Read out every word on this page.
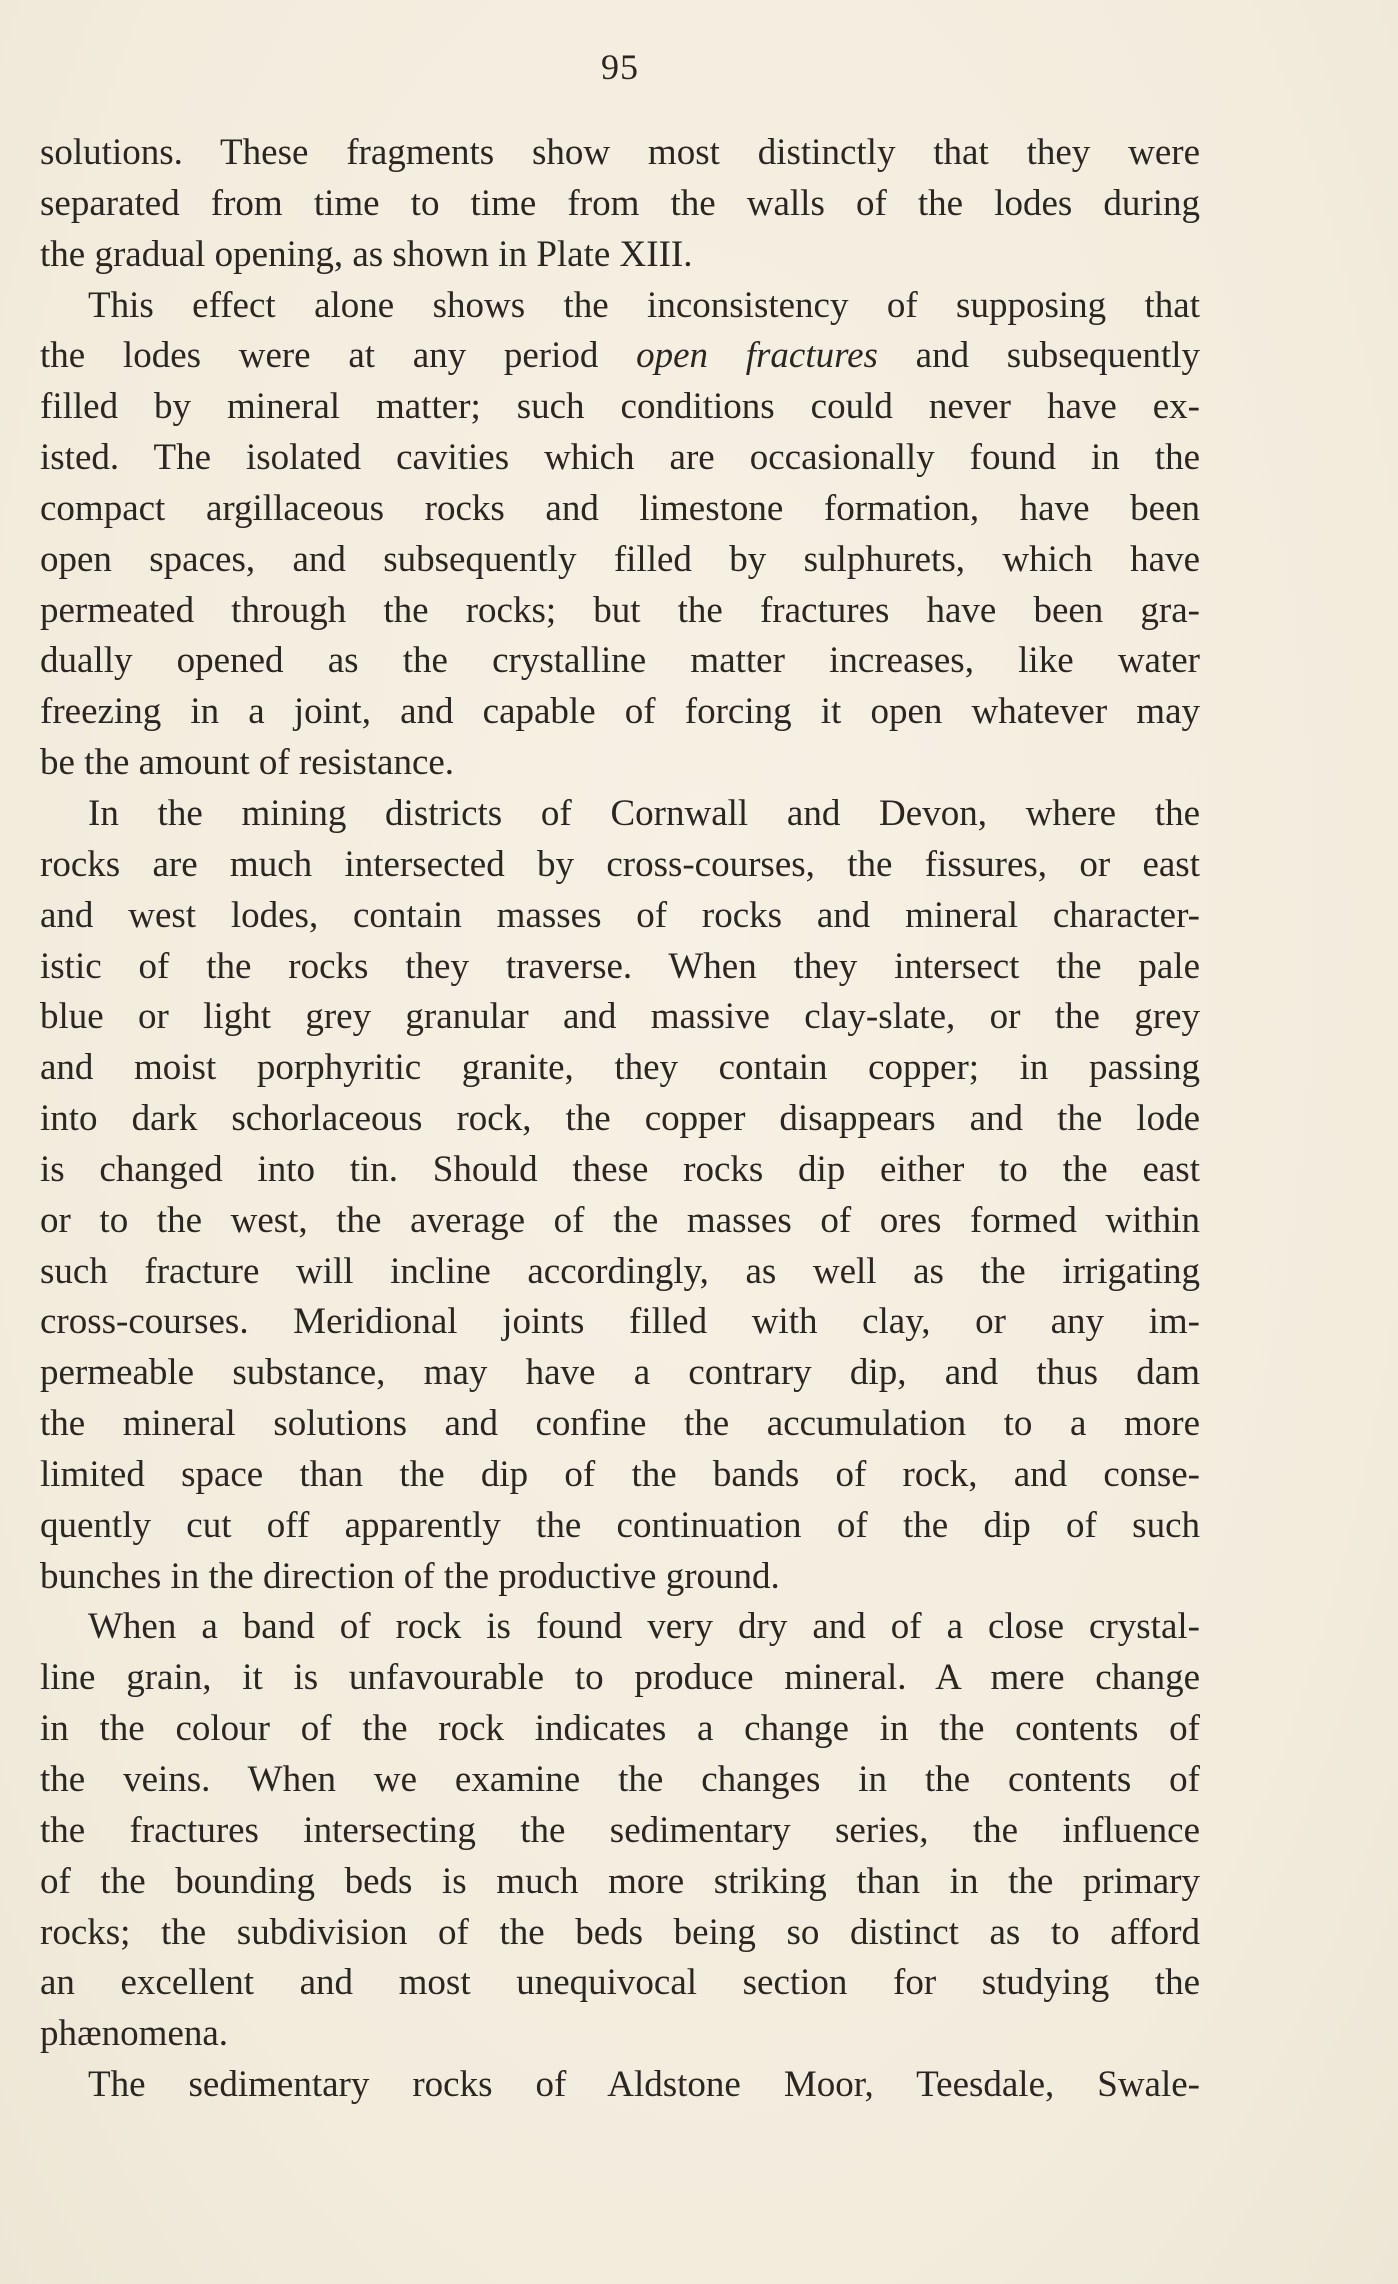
95
solutions. These fragments show most distinctly that they were
separated from time to time from the walls of the lodes during
the gradual opening, as shown in Plate XIII.
This effect alone shows the inconsistency of supposing that
the lodes were at any period open fractures and subsequently
filled by mineral matter; such conditions could never have ex-
isted. The isolated cavities which are occasionally found in the
compact argillaceous rocks and limestone formation, have been
open spaces, and subsequently filled by sulphurets, which have
permeated through the rocks; but the fractures have been gra-
dually opened as the crystalline matter increases, like water
freezing in a joint, and capable of forcing it open whatever may
be the amount of resistance.
In the mining districts of Cornwall and Devon, where the
rocks are much intersected by cross-courses, the fissures, or east
and west lodes, contain masses of rocks and mineral character-
istic of the rocks they traverse. When they intersect the pale
blue or light grey granular and massive clay-slate, or the grey
and moist porphyritic granite, they contain copper; in passing
into dark schorlaceous rock, the copper disappears and the lode
is changed into tin. Should these rocks dip either to the east
or to the west, the average of the masses of ores formed within
such fracture will incline accordingly, as well as the irrigating
cross-courses. Meridional joints filled with clay, or any im-
permeable substance, may have a contrary dip, and thus dam
the mineral solutions and confine the accumulation to a more
limited space than the dip of the bands of rock, and conse-
quently cut off apparently the continuation of the dip of such
bunches in the direction of the productive ground.
When a band of rock is found very dry and of a close crystal-
line grain, it is unfavourable to produce mineral. A mere change
in the colour of the rock indicates a change in the contents of
the veins. When we examine the changes in the contents of
the fractures intersecting the sedimentary series, the influence
of the bounding beds is much more striking than in the primary
rocks; the subdivision of the beds being so distinct as to afford
an excellent and most unequivocal section for studying the
phænomena.
The sedimentary rocks of Aldstone Moor, Teesdale, Swale-
